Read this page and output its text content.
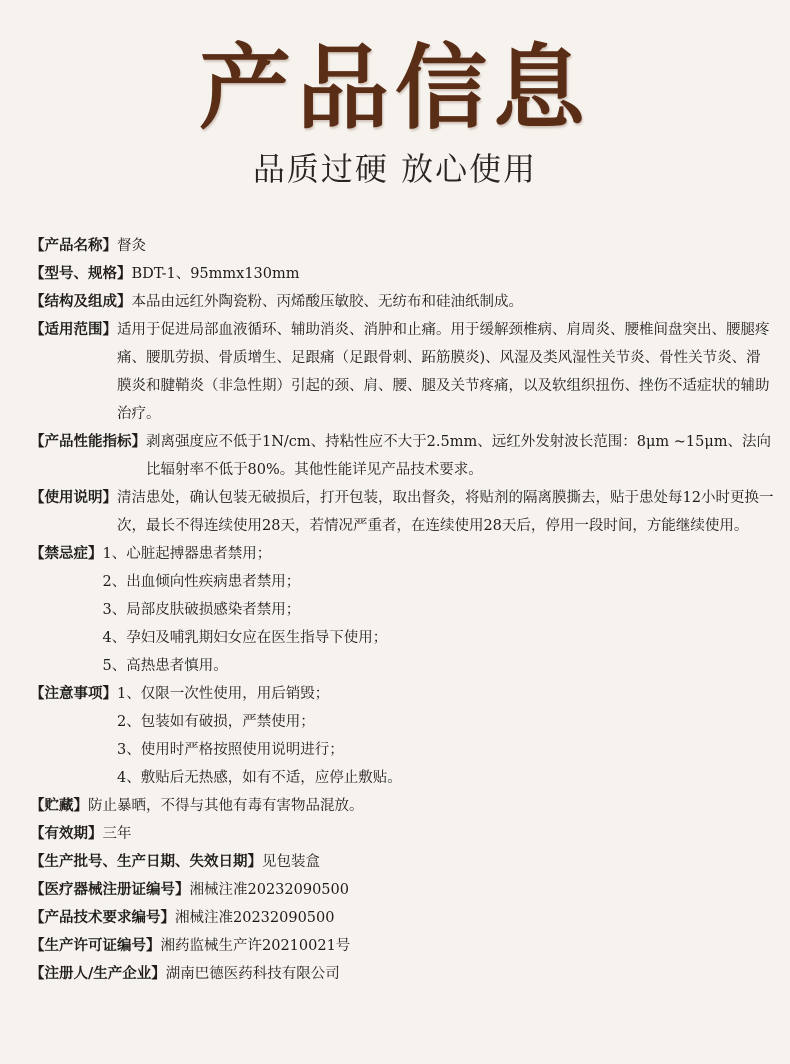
产品信息
品质过硬 放心使用
【产品名称】 督灸
【型号、规格】 BDT-1、95mmx130mm
【结构及组成】 本品由远红外陶瓷粉、丙烯酸压敏胶、无纺布和硅油纸制成。
【适用范围】 适用于促进局部血液循环、辅助消炎、消肿和止痛。用于缓解颈椎病、肩周炎、腰椎间盘突出、腰腿疼痛、腰肌劳损、骨质增生、足跟痛（足跟骨刺、跖筋膜炎)、风湿及类风湿性关节炎、骨性关节炎、滑膜炎和腱鞘炎（非急性期）引起的颈、肩、腰、腿及关节疼痛，以及软组织扭伤、挫伤不适症状的辅助治疗。
【产品性能指标】 剥离强度应不低于1N/cm、持粘性应不大于2.5mm、远红外发射波长范围：8μm ~15μm、法向比辐射率不低于80%。其他性能详见产品技术要求。
【使用说明】 清洁患处，确认包装无破损后，打开包装，取出督灸，将贴剂的隔离膜撕去，贴于患处每12小时更换一次，最长不得连续使用28天，若情况严重者，在连续使用28天后，停用一段时间，方能继续使用。
【禁忌症】 1、心脏起搏器患者禁用；
2、出血倾向性疾病患者禁用；
3、局部皮肤破损感染者禁用；
4、孕妇及哺乳期妇女应在医生指导下使用；
5、高热患者慎用。
【注意事项】 1、仅限一次性使用，用后销毁；
2、包装如有破损，严禁使用；
3、使用时严格按照使用说明进行；
4、敷贴后无热感，如有不适，应停止敷贴。
【贮藏】 防止暴晒，不得与其他有毒有害物品混放。
【有效期】 三年
【生产批号、生产日期、失效日期】 见包装盒
【医疗器械注册证编号】 湘械注准20232090500
【产品技术要求编号】 湘械注准20232090500
【生产许可证编号】 湘药监械生产许20210021号
【注册人/生产企业】 湖南巴德医药科技有限公司
